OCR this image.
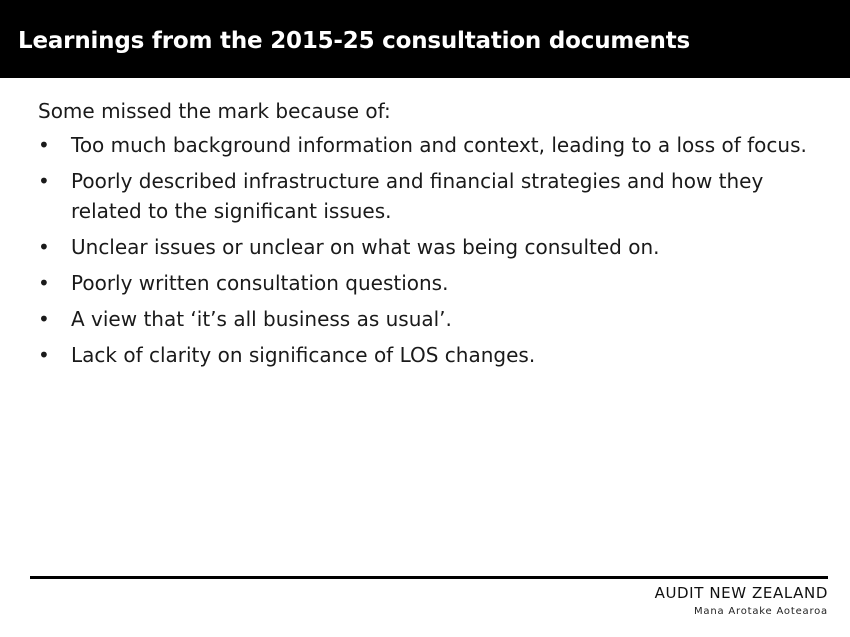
Learnings from the 2015-25 consultation documents

Some missed the mark because of:

• Too much background information and context, leading to a loss of focus.
• Poorly described infrastructure and financial strategies and how they related to the significant issues.
• Unclear issues or unclear on what was being consulted on.
• Poorly written consultation questions.
• A view that ‘it’s all business as usual’.
• Lack of clarity on significance of LOS changes.
AUDIT NEW ZEALAND
Mana Arotake Aotearoa
